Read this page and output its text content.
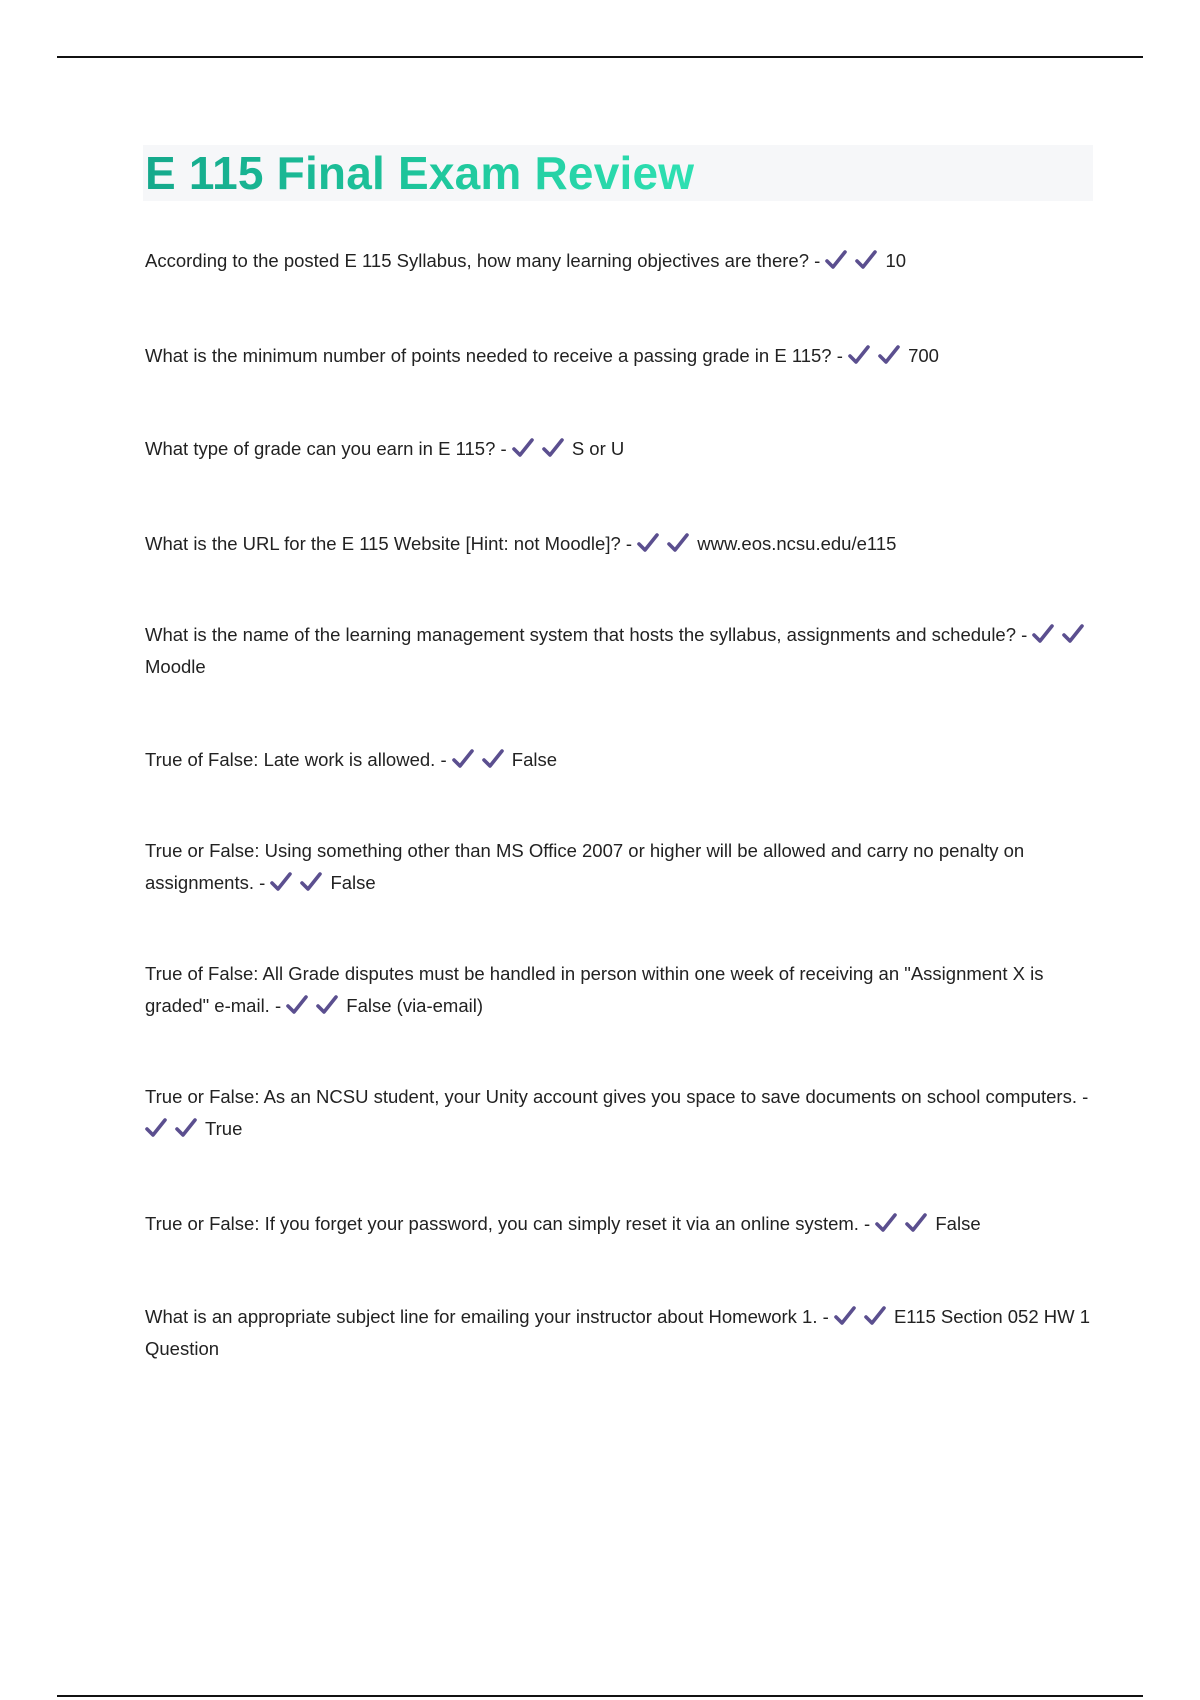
E 115 Final Exam Review

According to the posted E 115 Syllabus, how many learning objectives are there? -	10

What is the minimum number of points needed to receive a passing grade in E 115? -	700

What type of grade can you earn in E 115? -	S or U

What is the URL for the E 115 Website [Hint: not Moodle]? -	www.eos.ncsu.edu/e115

What is the name of the learning management system that hosts the syllabus, assignments and schedule? -
Moodle

True of False: Late work is allowed. -	False

True or False: Using something other than MS Office 2007 or higher will be allowed and carry no penalty on assignments. -	False

True of False: All Grade disputes must be handled in person within one week of receiving an "Assignment X is graded" e-mail. -	False (via-email)

True or False: As an NCSU student, your Unity account gives you space to save documents on school computers. -
True

True or False: If you forget your password, you can simply reset it via an online system. -	False

What is an appropriate subject line for emailing your instructor about Homework 1. -	E115 Section 052 HW 1 Question
